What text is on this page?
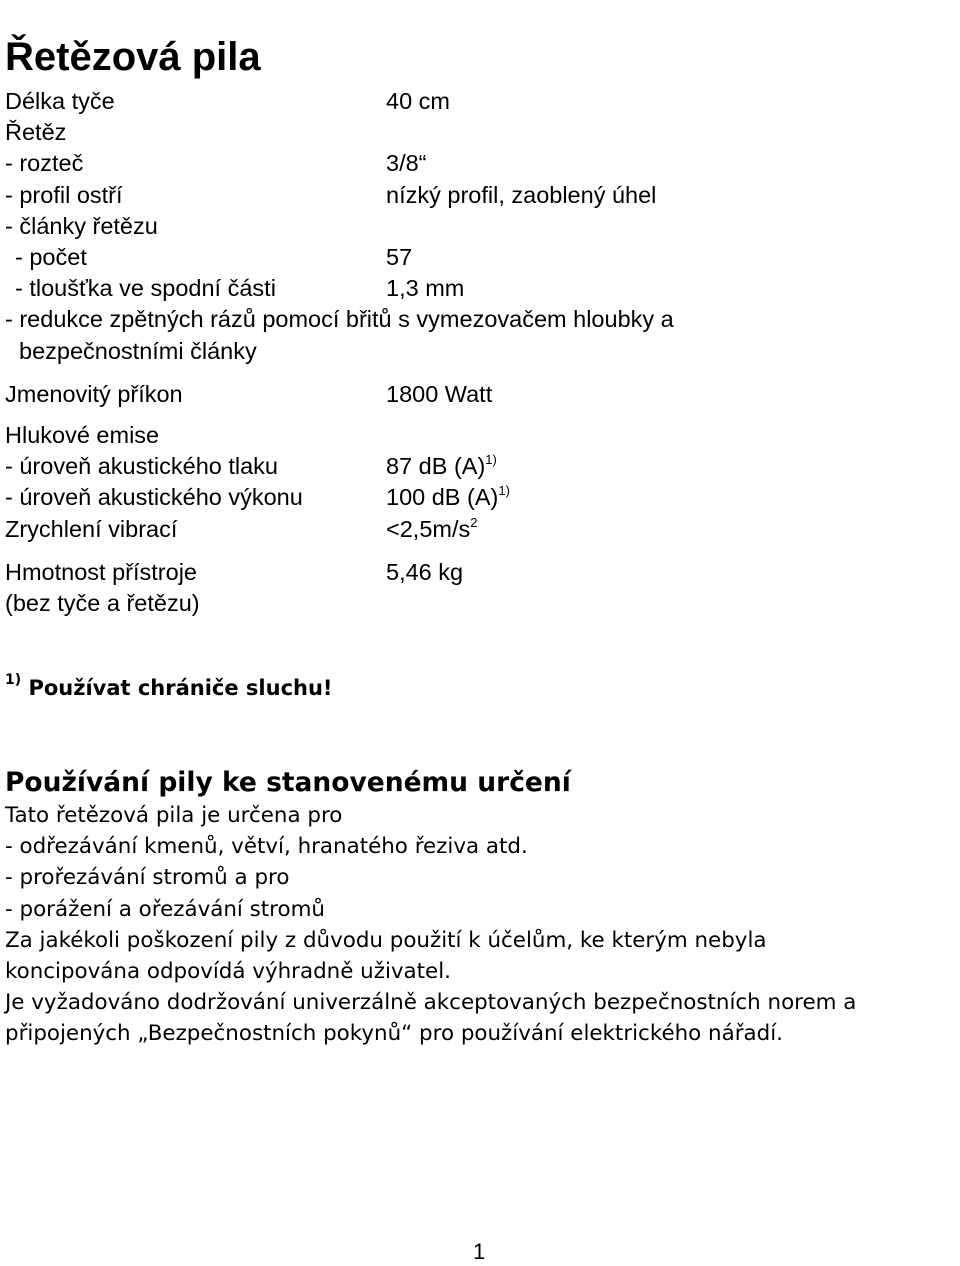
Řetězová pila
Délka tyče	40 cm
Řetěz
- rozteč	3/8“
- profil ostří	nízký profil, zaoblený úhel
- články řetězu
- počet	57
- tloušťka ve spodní části	1,3 mm
- redukce zpětných rázů pomocí břitů s vymezovačem hloubky a
bezpečnostními články
Jmenovitý příkon	1800 Watt
Hlukové emise
- úroveň akustického tlaku	87 dB (A)$^{1)}$
- úroveň akustického výkonu	100 dB (A)$^{1)}$
Zrychlení vibrací	<2,5m/s$^2$
Hmotnost přístroje	5,46 kg
(bez tyče a řetězu)
$^{1)}$ Používat chrániče sluchu!
Používání pily ke stanovenému určení

Tato řetězová pila je určena pro

- odřezávání kmenů, větví, hranatého řeziva atd.

- prořezávání stromů a pro

- porážení a ořezávání stromů

Za jakékoli poškození pily z důvodu použití k účelům, ke kterým nebyla

koncipována odpovídá výhradně uživatel.

Je vyžadováno dodržování univerzálně akceptovaných bezpečnostních norem a

připojených „Bezpečnostních pokynů“ pro používání elektrického nářadí.

1
